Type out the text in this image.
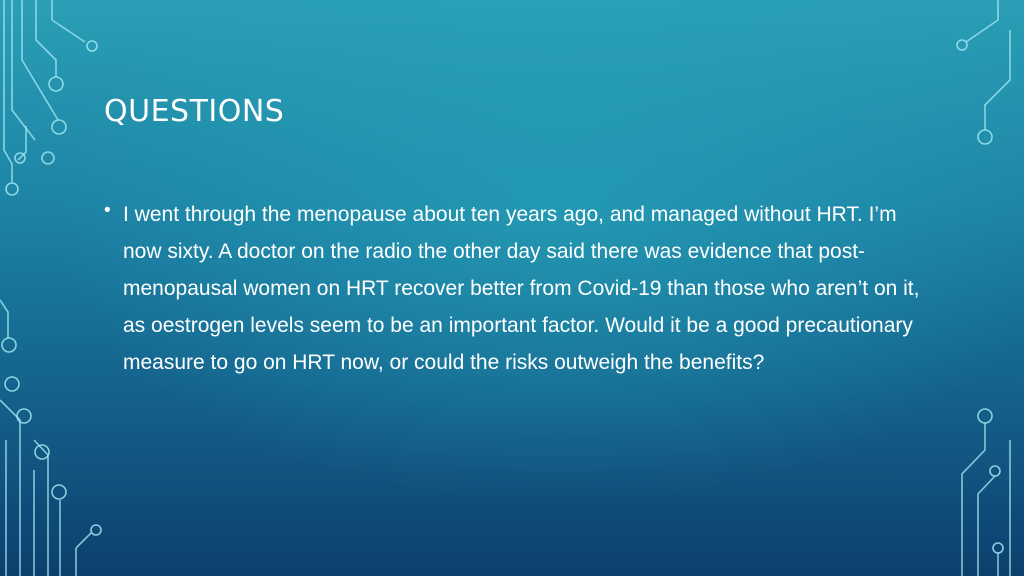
QUESTIONS
• I went through the menopause about ten years ago, and managed without HRT. I’m now sixty. A doctor on the radio the other day said there was evidence that post-menopausal women on HRT recover better from Covid-19 than those who aren’t on it, as oestrogen levels seem to be an important factor. Would it be a good precautionary measure to go on HRT now, or could the risks outweigh the benefits?
